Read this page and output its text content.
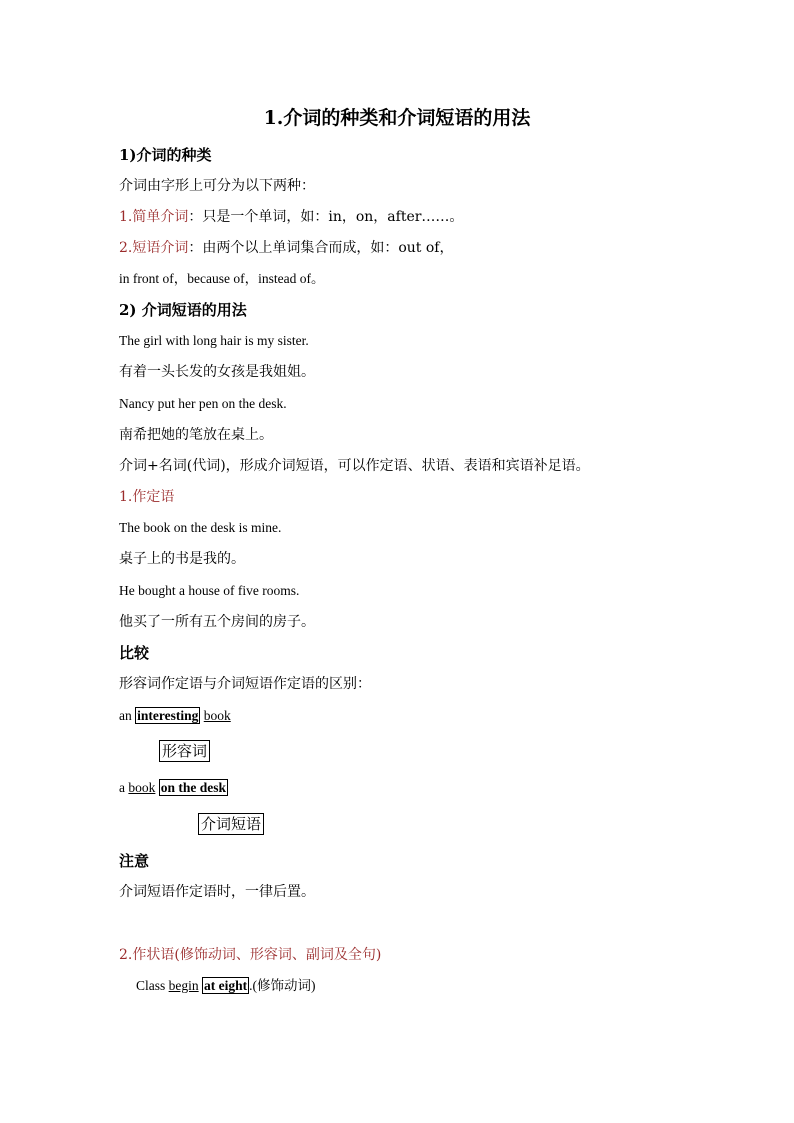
1.介词的种类和介词短语的用法
1)介词的种类
介词由字形上可分为以下两种：
1.简单介词：只是一个单词，如：in，on，after……。
2.短语介词：由两个以上单词集合而成，如：out of，
in front of，because of，instead of。
2) 介词短语的用法
The girl with long hair is my sister.
有着一头长发的女孩是我姐姐。
Nancy put her pen on the desk.
南希把她的笔放在桌上。
介词+名词(代词)，形成介词短语，可以作定语、状语、表语和宾语补足语。
1.作定语
The book on the desk is mine.
桌子上的书是我的。
He bought a house of five rooms.
他买了一所有五个房间的房子。
比较
形容词作定语与介词短语作定语的区别：
an interesting book
形容词
a book on the desk
介词短语
注意
介词短语作定语时，一律后置。
2.作状语(修饰动词、形容词、副词及全句)
Class begin at eight .(修饰动词)
